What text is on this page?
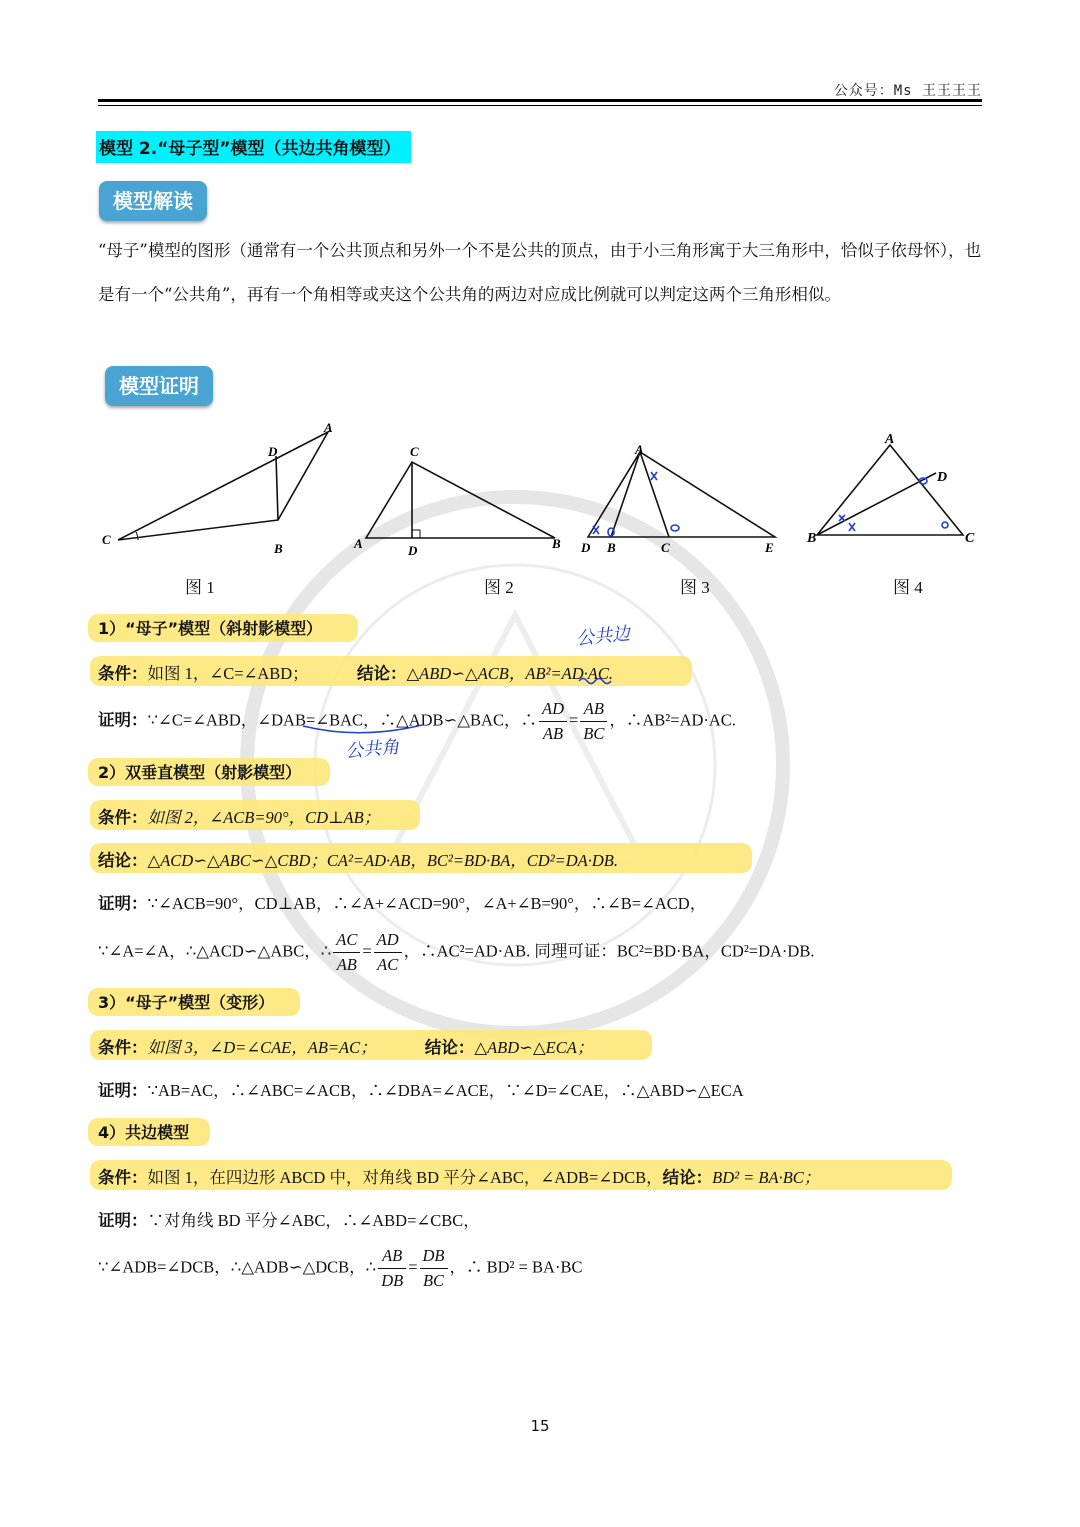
公众号：Ms 王王王王
模型 2.“母子型”模型（共边共角模型）
模型解读
“母子”模型的图形（通常有一个公共顶点和另外一个不是公共的顶点，由于小三角形寓于大三角形中，恰似子依母怀），也是有一个“公共角”，再有一个角相等或夹这个公共角的两边对应成比例就可以判定这两个三角形相似。
模型证明
A
D
C
B
C
A	D	B
A
D B	C	E
A
D
B	C
图 1	图 2	图 3	图 4
1）“母子”模型（斜射影模型）	公共边
条件：如图 1，∠C=∠ABD；	结论：△ABD∽△ACB，AB²=AD·AC.
证明：∵∠C=∠ABD，∠DAB=∠BAC，∴△ADB∽△BAC，∴ $\frac{AD}{AB} = \frac{AB}{BC}$ ，∴AB²=AD·AC.
公共角
2）双垂直模型（射影模型）
条件：如图 2，∠ACB=90°，CD⊥AB；
结论：△ACD∽△ABC∽△CBD；CA²=AD·AB，BC²=BD·BA，CD²=DA·DB.
证明：∵∠ACB=90°，CD⊥AB，∴∠A+∠ACD=90°，∠A+∠B=90°，∴∠B=∠ACD，
∵∠A=∠A，∴△ACD∽△ABC，∴ $\frac{AC}{AB} = \frac{AD}{AC}$ ，∴AC²=AD·AB. 同理可证：BC²=BD·BA，CD²=DA·DB.
3）“母子”模型（变形）
条件：如图 3，∠D=∠CAE，AB=AC；	结论：△ABD∽△ECA；
证明：∵AB=AC，∴∠ABC=∠ACB，∴∠DBA=∠ACE，∵∠D=∠CAE，∴△ABD∽△ECA
4）共边模型
条件：如图 1，在四边形 ABCD 中，对角线 BD 平分∠ABC，∠ADB=∠DCB，结论：BD² = BA·BC；
证明：∵对角线 BD 平分∠ABC，∴∠ABD=∠CBC，
∵∠ADB=∠DCB，∴△ADB∽△DCB，∴ $\frac{AB}{DB} = \frac{DB}{BC}$ ，∴ BD² = BA·BC
15
